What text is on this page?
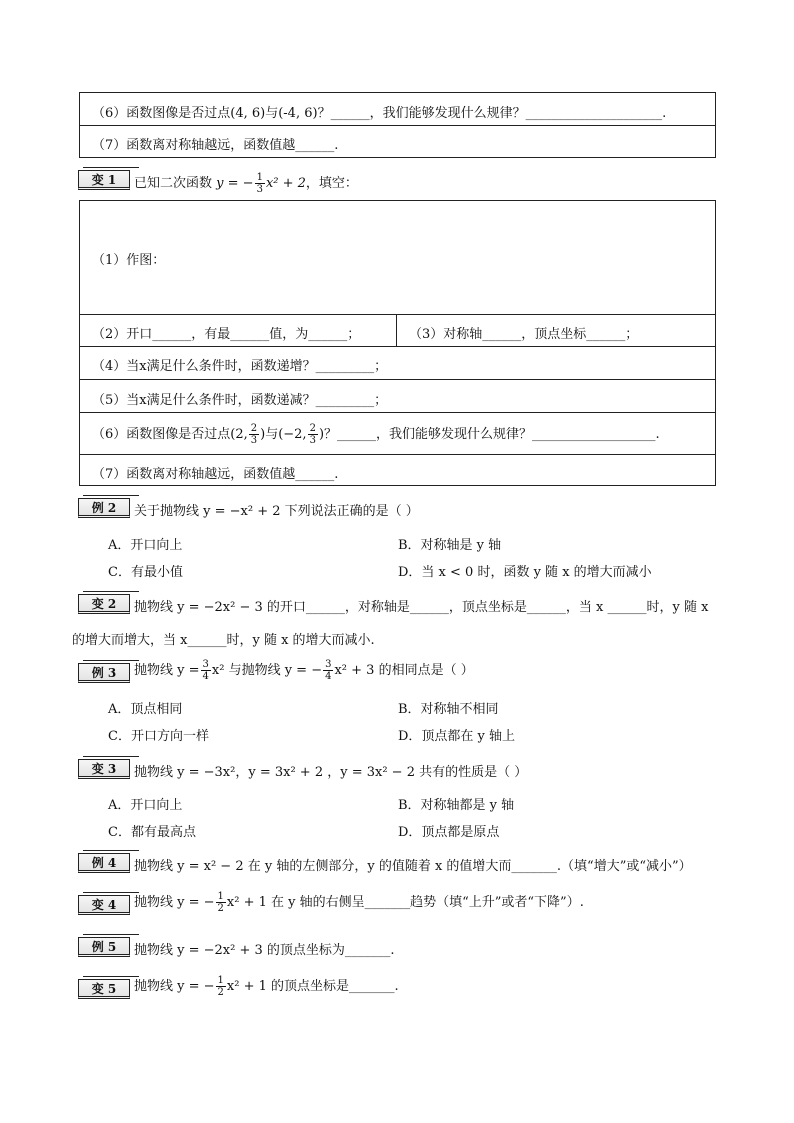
（6）函数图像是否过点(4, 6)与(-4, 6)？______，我们能够发现什么规律？_____________________.
（7）函数离对称轴越远，函数值越______.
变 1	已知二次函数 y = − $\frac{1}{3} x^2 + 2$，填空：
（1）作图：
（2）开口______，有最______值，为______；	（3）对称轴______，顶点坐标______；
（4）当x满足什么条件时，函数递增？_________；
（5）当x满足什么条件时，函数递减？_________；
（6）函数图像是否过点(2, $\frac{2}{3}$ )与(−2, $\frac{2}{3}$ )？______，我们能够发现什么规律？___________________.
（7）函数离对称轴越远，函数值越______.
例 2	关于抛物线 y = −x² + 2 下列说法正确的是（ ）
A．开口向上	B．对称轴是 y 轴
C．有最小值	D．当 x < 0 时，函数 y 随 x 的增大而减小
变 2	抛物线 y = −2x² − 3 的开口______，对称轴是______，顶点坐标是______，当 x ______时，y 随 x
的增大而增大，当 x______时，y 随 x 的增大而减小.
例 3	抛物线 $y = \frac{3}{4} x^2$ 与抛物线 y = − $\frac{3}{4} x^2 + 3$ 的相同点是（ ）
A．顶点相同	B．对称轴不相同
C．开口方向一样	D．顶点都在 y 轴上
变 3	抛物线 y = −3x²，y = 3x² + 2 ，y = 3x² − 2 共有的性质是（ ）
A．开口向上	B．对称轴都是 y 轴
C．都有最高点	D．顶点都是原点
例 4	抛物线 y = x² − 2 在 y 轴的左侧部分，y 的值随着 x 的值增大而_______.（填“增大”或“减小”）
变 4	抛物线 y = − $\frac{1}{2} x^2 + 1$ 在 y 轴的右侧呈_______趋势（填“上升”或者“下降”）.
例 5	抛物线 y = −2x² + 3 的顶点坐标为_______.
变 5	抛物线 y = − $\frac{1}{2} x^2 + 1$ 的顶点坐标是_______.
